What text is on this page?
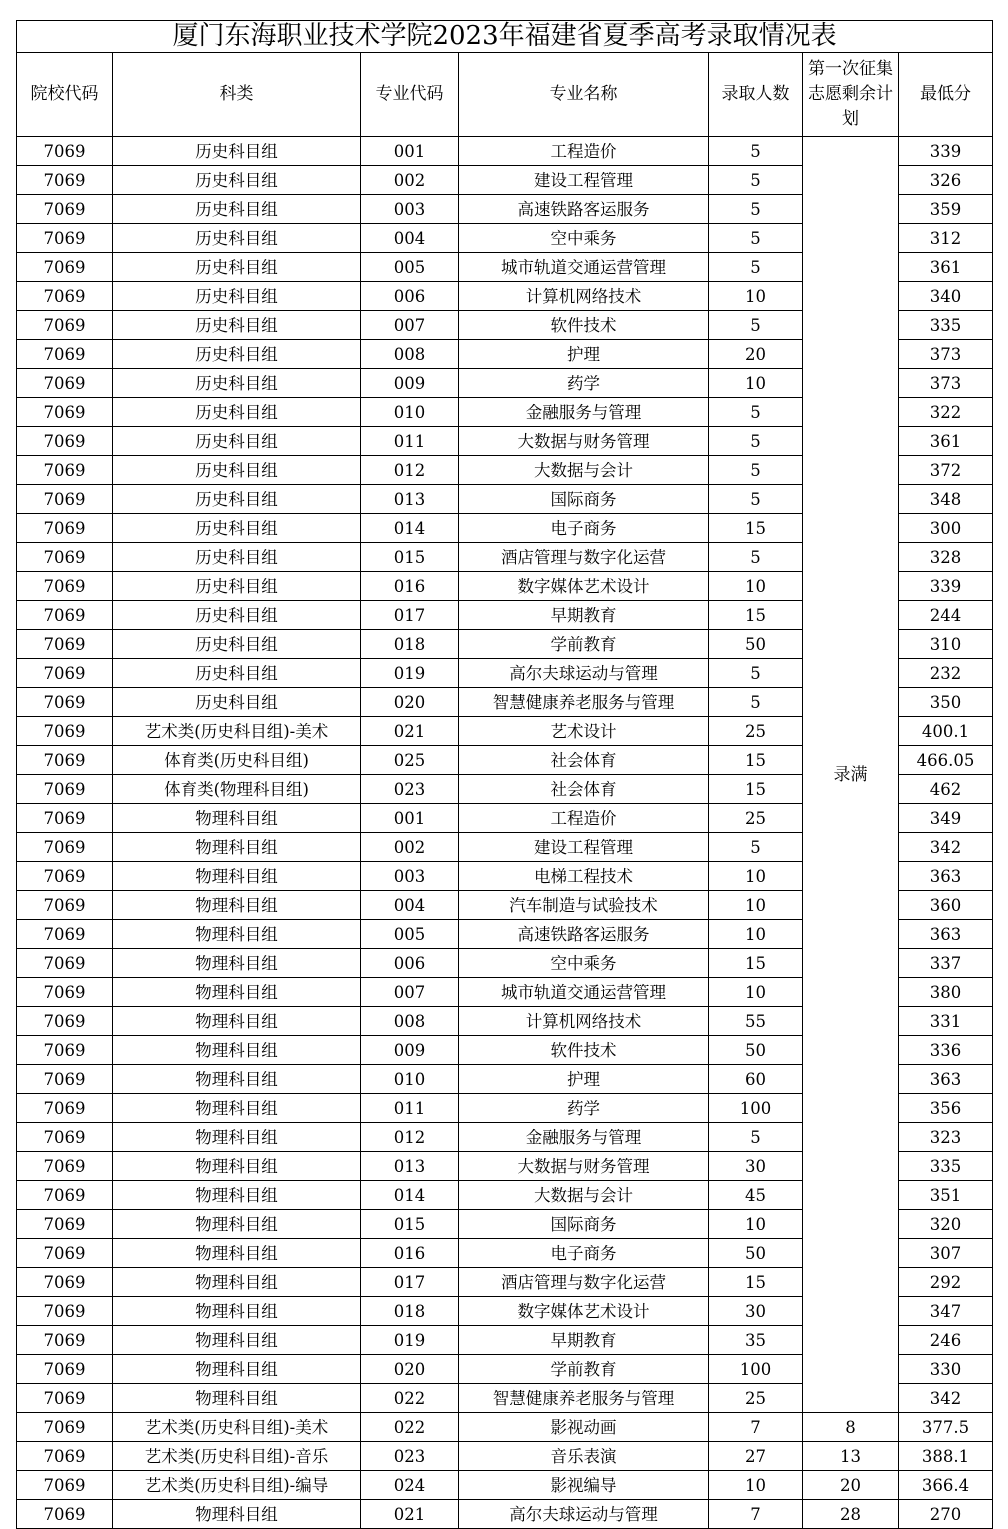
厦门东海职业技术学院2023年福建省夏季高考录取情况表						
院校代码	科类	专业代码	专业名称	录取人数	第一次征集志愿剩余计划	最低分
7069	历史科目组	001	工程造价	5	录满	339
7069	历史科目组	002	建设工程管理	5		326
7069	历史科目组	003	高速铁路客运服务	5		359
7069	历史科目组	004	空中乘务	5		312
7069	历史科目组	005	城市轨道交通运营管理	5		361
7069	历史科目组	006	计算机网络技术	10		340
7069	历史科目组	007	软件技术	5		335
7069	历史科目组	008	护理	20		373
7069	历史科目组	009	药学	10		373
7069	历史科目组	010	金融服务与管理	5		322
7069	历史科目组	011	大数据与财务管理	5		361
7069	历史科目组	012	大数据与会计	5		372
7069	历史科目组	013	国际商务	5		348
7069	历史科目组	014	电子商务	15		300
7069	历史科目组	015	酒店管理与数字化运营	5		328
7069	历史科目组	016	数字媒体艺术设计	10		339
7069	历史科目组	017	早期教育	15		244
7069	历史科目组	018	学前教育	50		310
7069	历史科目组	019	高尔夫球运动与管理	5		232
7069	历史科目组	020	智慧健康养老服务与管理	5		350
7069	艺术类(历史科目组)-美术	021	艺术设计	25		400.1
7069	体育类(历史科目组)	025	社会体育	15		466.05
7069	体育类(物理科目组)	023	社会体育	15		462
7069	物理科目组	001	工程造价	25		349
7069	物理科目组	002	建设工程管理	5		342
7069	物理科目组	003	电梯工程技术	10		363
7069	物理科目组	004	汽车制造与试验技术	10		360
7069	物理科目组	005	高速铁路客运服务	10		363
7069	物理科目组	006	空中乘务	15		337
7069	物理科目组	007	城市轨道交通运营管理	10		380
7069	物理科目组	008	计算机网络技术	55		331
7069	物理科目组	009	软件技术	50		336
7069	物理科目组	010	护理	60		363
7069	物理科目组	011	药学	100		356
7069	物理科目组	012	金融服务与管理	5		323
7069	物理科目组	013	大数据与财务管理	30		335
7069	物理科目组	014	大数据与会计	45		351
7069	物理科目组	015	国际商务	10		320
7069	物理科目组	016	电子商务	50		307
7069	物理科目组	017	酒店管理与数字化运营	15		292
7069	物理科目组	018	数字媒体艺术设计	30		347
7069	物理科目组	019	早期教育	35		246
7069	物理科目组	020	学前教育	100		330
7069	物理科目组	022	智慧健康养老服务与管理	25		342
7069	艺术类(历史科目组)-美术	022	影视动画	7	8	377.5
7069	艺术类(历史科目组)-音乐	023	音乐表演	27	13	388.1
7069	艺术类(历史科目组)-编导	024	影视编导	10	20	366.4
7069	物理科目组	021	高尔夫球运动与管理	7	28	270
